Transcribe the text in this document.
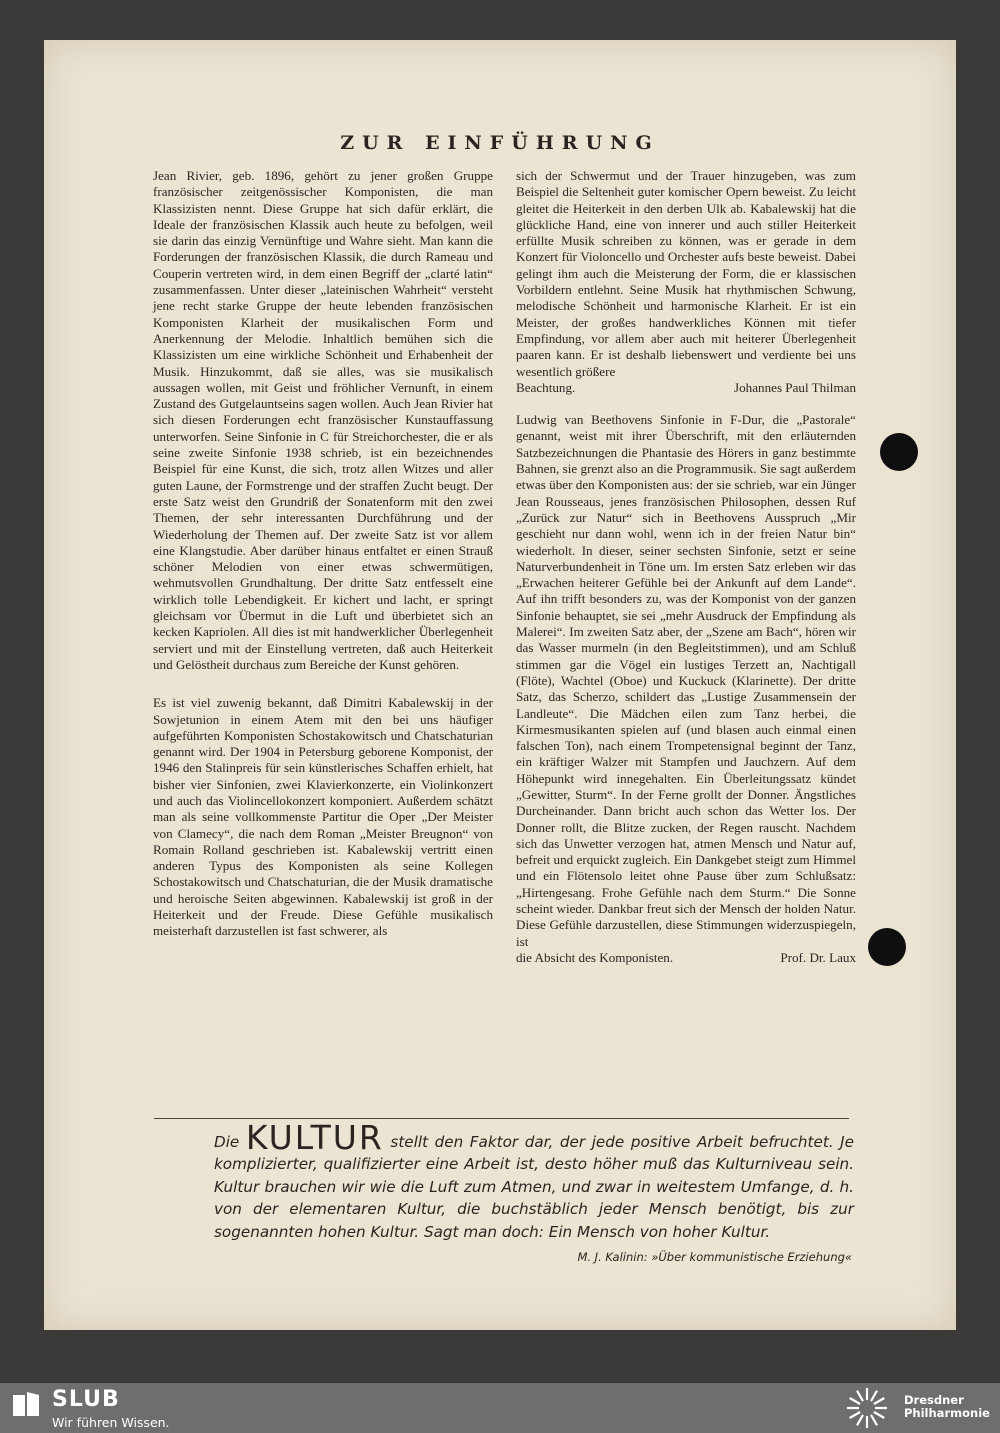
ZUR EINFÜHRUNG

Jean Rivier, geb. 1896, gehört zu jener großen Gruppe französischer zeitgenössischer Komponisten, die man Klassizisten nennt. Diese Gruppe hat sich dafür erklärt, die Ideale der französischen Klassik auch heute zu befolgen, weil sie darin das einzig Vernünftige und Wahre sieht. Man kann die Forderungen der französischen Klassik, die durch Rameau und Couperin vertreten wird, in dem einen Begriff der „clarté latin“ zusammenfassen. Unter dieser „lateinischen Wahrheit“ versteht jene recht starke Gruppe der heute lebenden französischen Komponisten Klarheit der musikalischen Form und Anerkennung der Melodie. Inhaltlich bemühen sich die Klassizisten um eine wirkliche Schönheit und Erhabenheit der Musik. Hinzukommt, daß sie alles, was sie musikalisch aussagen wollen, mit Geist und fröhlicher Vernunft, in einem Zustand des Gutgelauntseins sagen wollen. Auch Jean Rivier hat sich diesen Forderungen echt französischer Kunstauffassung unterworfen. Seine Sinfonie in C für Streichorchester, die er als seine zweite Sinfonie 1938 schrieb, ist ein bezeichnendes Beispiel für eine Kunst, die sich, trotz allen Witzes und aller guten Laune, der Formstrenge und der straffen Zucht beugt. Der erste Satz weist den Grundriß der Sonatenform mit den zwei Themen, der sehr interessanten Durchführung und der Wiederholung der Themen auf. Der zweite Satz ist vor allem eine Klangstudie. Aber darüber hinaus entfaltet er einen Strauß schöner Melodien von einer etwas schwermütigen, wehmutsvollen Grundhaltung. Der dritte Satz entfesselt eine wirklich tolle Lebendigkeit. Er kichert und lacht, er springt gleichsam vor Übermut in die Luft und überbietet sich an kecken Kapriolen. All dies ist mit handwerklicher Überlegenheit serviert und mit der Einstellung vertreten, daß auch Heiterkeit und Gelöstheit durchaus zum Bereiche der Kunst gehören.

Es ist viel zuwenig bekannt, daß Dimitri Kabalewskij in der Sowjetunion in einem Atem mit den bei uns häufiger aufgeführten Komponisten Schostakowitsch und Chatschaturian genannt wird. Der 1904 in Petersburg geborene Komponist, der 1946 den Stalinpreis für sein künstlerisches Schaffen erhielt, hat bisher vier Sinfonien, zwei Klavierkonzerte, ein Violinkonzert und auch das Violincellokonzert komponiert. Außerdem schätzt man als seine vollkommenste Partitur die Oper „Der Meister von Clamecy“, die nach dem Roman „Meister Breugnon“ von Romain Rolland geschrieben ist. Kabalewskij vertritt einen anderen Typus des Komponisten als seine Kollegen Schostakowitsch und Chatschaturian, die der Musik dramatische und heroische Seiten abgewinnen. Kabalewskij ist groß in der Heiterkeit und der Freude. Diese Gefühle musikalisch meisterhaft darzustellen ist fast schwerer, als

sich der Schwermut und der Trauer hinzugeben, was zum Beispiel die Seltenheit guter komischer Opern beweist. Zu leicht gleitet die Heiterkeit in den derben Ulk ab. Kabalewskij hat die glückliche Hand, eine von innerer und auch stiller Heiterkeit erfüllte Musik schreiben zu können, was er gerade in dem Konzert für Violoncello und Orchester aufs beste beweist. Dabei gelingt ihm auch die Meisterung der Form, die er klassischen Vorbildern entlehnt. Seine Musik hat rhythmischen Schwung, melodische Schönheit und harmonische Klarheit. Er ist ein Meister, der großes handwerkliches Können mit tiefer Empfindung, vor allem aber auch mit heiterer Überlegenheit paaren kann. Er ist deshalb liebenswert und verdiente bei uns wesentlich größere

Beachtung.	Johannes Paul Thilman

Ludwig van Beethovens Sinfonie in F-Dur, die „Pastorale“ genannt, weist mit ihrer Überschrift, mit den erläuternden Satzbezeichnungen die Phantasie des Hörers in ganz bestimmte Bahnen, sie grenzt also an die Programmusik. Sie sagt außerdem etwas über den Komponisten aus: der sie schrieb, war ein Jünger Jean Rousseaus, jenes französischen Philosophen, dessen Ruf „Zurück zur Natur“ sich in Beethovens Ausspruch „Mir geschieht nur dann wohl, wenn ich in der freien Natur bin“ wiederholt. In dieser, seiner sechsten Sinfonie, setzt er seine Naturverbundenheit in Töne um. Im ersten Satz erleben wir das „Erwachen heiterer Gefühle bei der Ankunft auf dem Lande“. Auf ihn trifft besonders zu, was der Komponist von der ganzen Sinfonie behauptet, sie sei „mehr Ausdruck der Empfindung als Malerei“. Im zweiten Satz aber, der „Szene am Bach“, hören wir das Wasser murmeln (in den Begleitstimmen), und am Schluß stimmen gar die Vögel ein lustiges Terzett an, Nachtigall (Flöte), Wachtel (Oboe) und Kuckuck (Klarinette). Der dritte Satz, das Scherzo, schildert das „Lustige Zusammensein der Landleute“. Die Mädchen eilen zum Tanz herbei, die Kirmesmusikanten spielen auf (und blasen auch einmal einen falschen Ton), nach einem Trompetensignal beginnt der Tanz, ein kräftiger Walzer mit Stampfen und Jauchzern. Auf dem Höhepunkt wird innegehalten. Ein Überleitungssatz kündet „Gewitter, Sturm“. In der Ferne grollt der Donner. Ängstliches Durcheinander. Dann bricht auch schon das Wetter los. Der Donner rollt, die Blitze zucken, der Regen rauscht. Nachdem sich das Unwetter verzogen hat, atmen Mensch und Natur auf, befreit und erquickt zugleich. Ein Dankgebet steigt zum Himmel und ein Flötensolo leitet ohne Pause über zum Schlußsatz: „Hirtengesang. Frohe Gefühle nach dem Sturm.“ Die Sonne scheint wieder. Dankbar freut sich der Mensch der holden Natur. Diese Gefühle darzustellen, diese Stimmungen widerzuspiegeln, ist

die Absicht des Komponisten.	Prof. Dr. Laux

Die KULTUR stellt den Faktor dar, der jede positive Arbeit befruchtet. Je komplizierter, qualifizierter eine Arbeit ist, desto höher muß das Kulturniveau sein. Kultur brauchen wir wie die Luft zum Atmen, und zwar in weitestem Umfange, d. h. von der elementaren Kultur, die buchstäblich jeder Mensch benötigt, bis zur sogenannten hohen Kultur. Sagt man doch: Ein Mensch von hoher Kultur.

M. J. Kalinin: »Über kommunistische Erziehung«
SLUB
Wir führen Wissen.
Dresdner
Philharmonie
